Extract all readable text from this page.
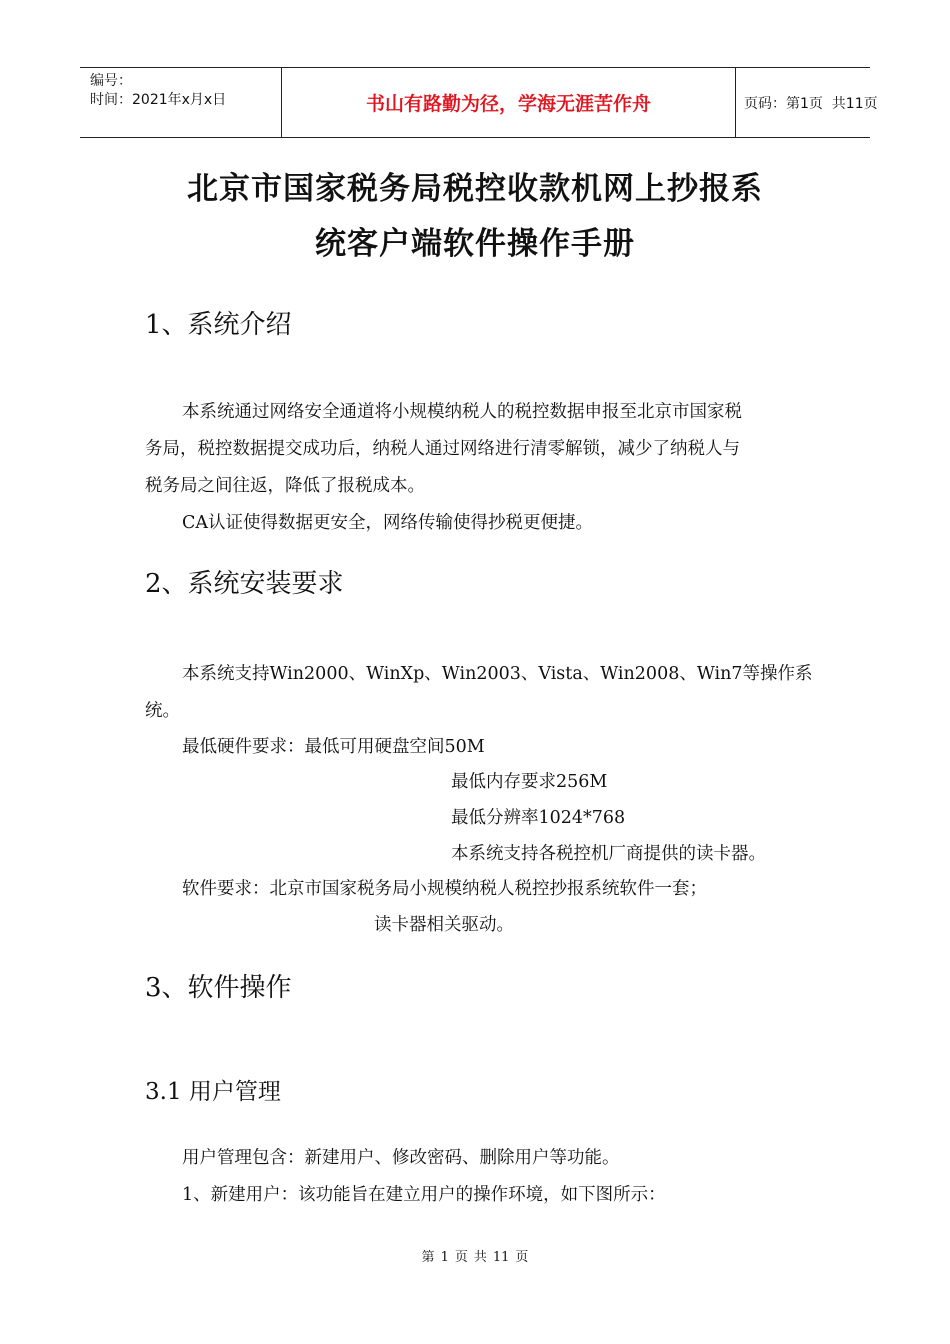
编号：
时间：2021年x月x日	书山有路勤为径，学海无涯苦作舟	页码：第1页  共11页
北京市国家税务局税控收款机网上抄报系
统客户端软件操作手册
1、系统介绍
本系统通过网络安全通道将小规模纳税人的税控数据申报至北京市国家税
务局，税控数据提交成功后，纳税人通过网络进行清零解锁，减少了纳税人与
税务局之间往返，降低了报税成本。
CA认证使得数据更安全，网络传输使得抄税更便捷。
2、系统安装要求
本系统支持Win2000、WinXp、Win2003、Vista、Win2008、Win7等操作系
统。
最低硬件要求：最低可用硬盘空间50M
最低内存要求256M
最低分辨率1024*768
本系统支持各税控机厂商提供的读卡器。
软件要求：北京市国家税务局小规模纳税人税控抄报系统软件一套；
读卡器相关驱动。
3、软件操作
3.1 用户管理
用户管理包含：新建用户、修改密码、删除用户等功能。
1、新建用户：该功能旨在建立用户的操作环境，如下图所示：
第 1 页 共 11 页
